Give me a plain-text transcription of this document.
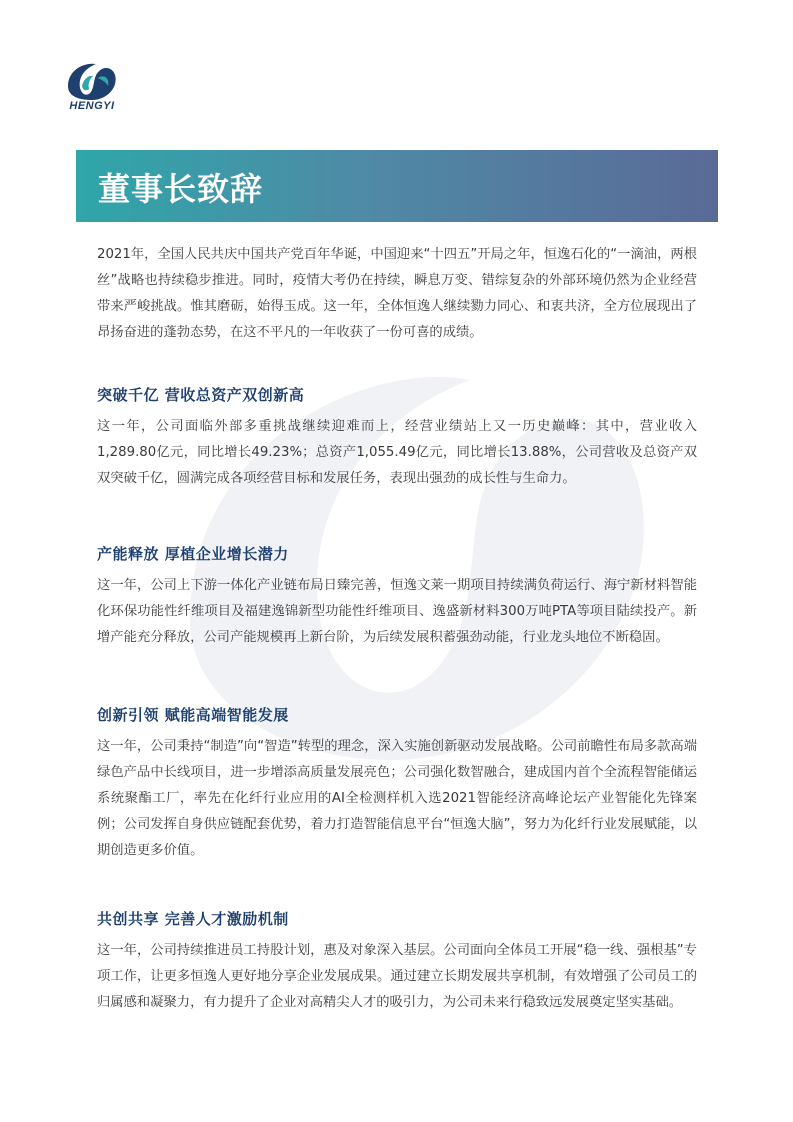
HENGYI
董事长致辞

2021年，全国人民共庆中国共产党百年华诞，中国迎来“十四五”开局之年，恒逸石化的“一滴油，两根丝”战略也持续稳步推进。同时，疫情大考仍在持续，瞬息万变、错综复杂的外部环境仍然为企业经营带来严峻挑战。惟其磨砺，始得玉成。这一年，全体恒逸人继续勠力同心、和衷共济，全方位展现出了昂扬奋进的蓬勃态势，在这不平凡的一年收获了一份可喜的成绩。

突破千亿 营收总资产双创新高

这一年，公司面临外部多重挑战继续迎难而上，经营业绩站上又一历史巅峰：其中，营业收入1,289.80亿元，同比增长49.23%；总资产1,055.49亿元，同比增长13.88%，公司营收及总资产双双突破千亿，圆满完成各项经营目标和发展任务，表现出强劲的成长性与生命力。

产能释放 厚植企业增长潜力

这一年，公司上下游一体化产业链布局日臻完善，恒逸文莱一期项目持续满负荷运行、海宁新材料智能化环保功能性纤维项目及福建逸锦新型功能性纤维项目、逸盛新材料300万吨PTA等项目陆续投产。新增产能充分释放，公司产能规模再上新台阶，为后续发展积蓄强劲动能，行业龙头地位不断稳固。

创新引领 赋能高端智能发展

这一年，公司秉持“制造”向“智造”转型的理念，深入实施创新驱动发展战略。公司前瞻性布局多款高端绿色产品中长线项目，进一步增添高质量发展亮色；公司强化数智融合，建成国内首个全流程智能储运系统聚酯工厂，率先在化纤行业应用的AI全检测样机入选2021智能经济高峰论坛产业智能化先锋案例；公司发挥自身供应链配套优势，着力打造智能信息平台“恒逸大脑”，努力为化纤行业发展赋能，以期创造更多价值。

共创共享 完善人才激励机制

这一年，公司持续推进员工持股计划，惠及对象深入基层。公司面向全体员工开展“稳一线、强根基”专项工作，让更多恒逸人更好地分享企业发展成果。通过建立长期发展共享机制，有效增强了公司员工的归属感和凝聚力，有力提升了企业对高精尖人才的吸引力，为公司未来行稳致远发展奠定坚实基础。
